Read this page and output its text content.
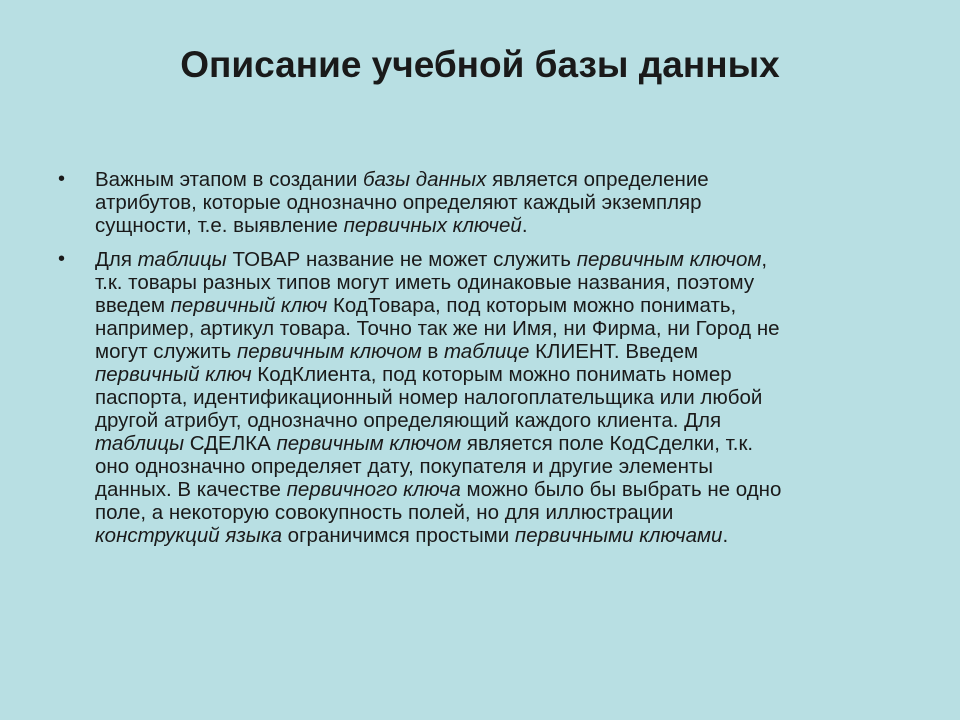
Описание учебной базы данных
• Важным этапом в создании базы данных является определение
атрибутов, которые однозначно определяют каждый экземпляр
сущности, т.е. выявление первичных ключей.
• Для таблицы ТОВАР название не может служить первичным ключом,
т.к. товары разных типов могут иметь одинаковые названия, поэтому
введем первичный ключ КодТовара, под которым можно понимать,
например, артикул товара. Точно так же ни Имя, ни Фирма, ни Город не
могут служить первичным ключом в таблице КЛИЕНТ. Введем
первичный ключ КодКлиента, под которым можно понимать номер
паспорта, идентификационный номер налогоплательщика или любой
другой атрибут, однозначно определяющий каждого клиента. Для
таблицы СДЕЛКА первичным ключом является поле КодСделки, т.к.
оно однозначно определяет дату, покупателя и другие элементы
данных. В качестве первичного ключа можно было бы выбрать не одно
поле, а некоторую совокупность полей, но для иллюстрации
конструкций языка ограничимся простыми первичными ключами.
